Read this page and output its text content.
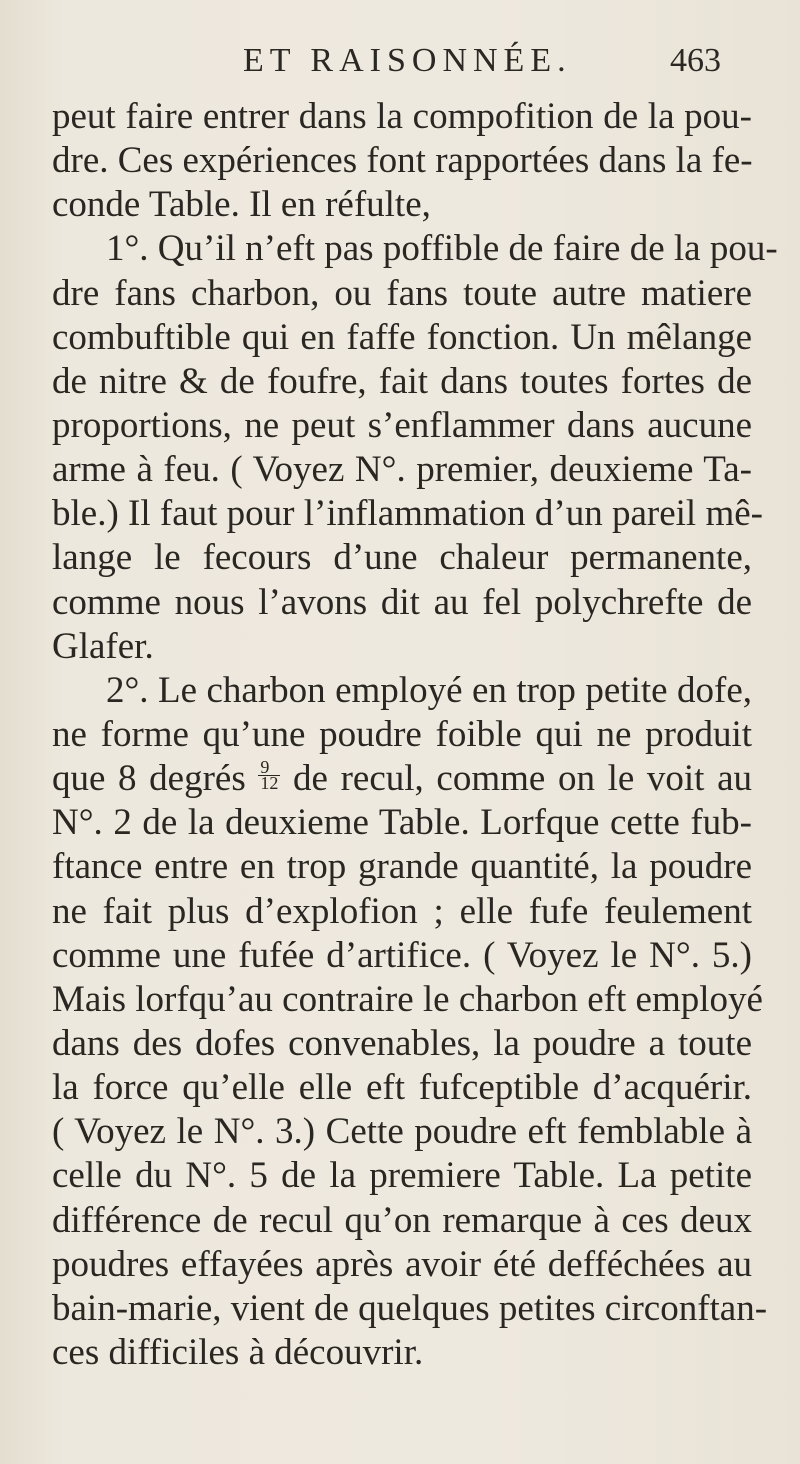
ET RAISONNÉE.	463
peut faire entrer dans la compofition de la pou-
dre. Ces expériences font rapportées dans la fe-
conde Table. Il en réfulte,
1°. Qu’il n’eft pas poffible de faire de la pou-
dre fans charbon, ou fans toute autre matiere
combuftible qui en faffe fonction. Un mêlange
de nitre & de foufre, fait dans toutes fortes de
proportions, ne peut s’enflammer dans aucune
arme à feu. ( Voyez N°. premier, deuxieme Ta-
ble.) Il faut pour l’inflammation d’un pareil mê-
lange le fecours d’une chaleur permanente,
comme nous l’avons dit au fel polychrefte de
Glafer.
2°. Le charbon employé en trop petite dofe,
ne forme qu’une poudre foible qui ne produit
que 8 degrés $\frac{9}{12}$ de recul, comme on le voit au
N°. 2 de la deuxieme Table. Lorfque cette fub-
ftance entre en trop grande quantité, la poudre
ne fait plus d’explofion ; elle fufe feulement
comme une fufée d’artifice. ( Voyez le N°. 5.)
Mais lorfqu’au contraire le charbon eft employé
dans des dofes convenables, la poudre a toute
la force qu’elle elle eft fufceptible d’acquérir.
( Voyez le N°. 3.) Cette poudre eft femblable à
celle du N°. 5 de la premiere Table. La petite
différence de recul qu’on remarque à ces deux
poudres effayées après avoir été defféchées au
bain-marie, vient de quelques petites circonftan-
ces difficiles à découvrir.
